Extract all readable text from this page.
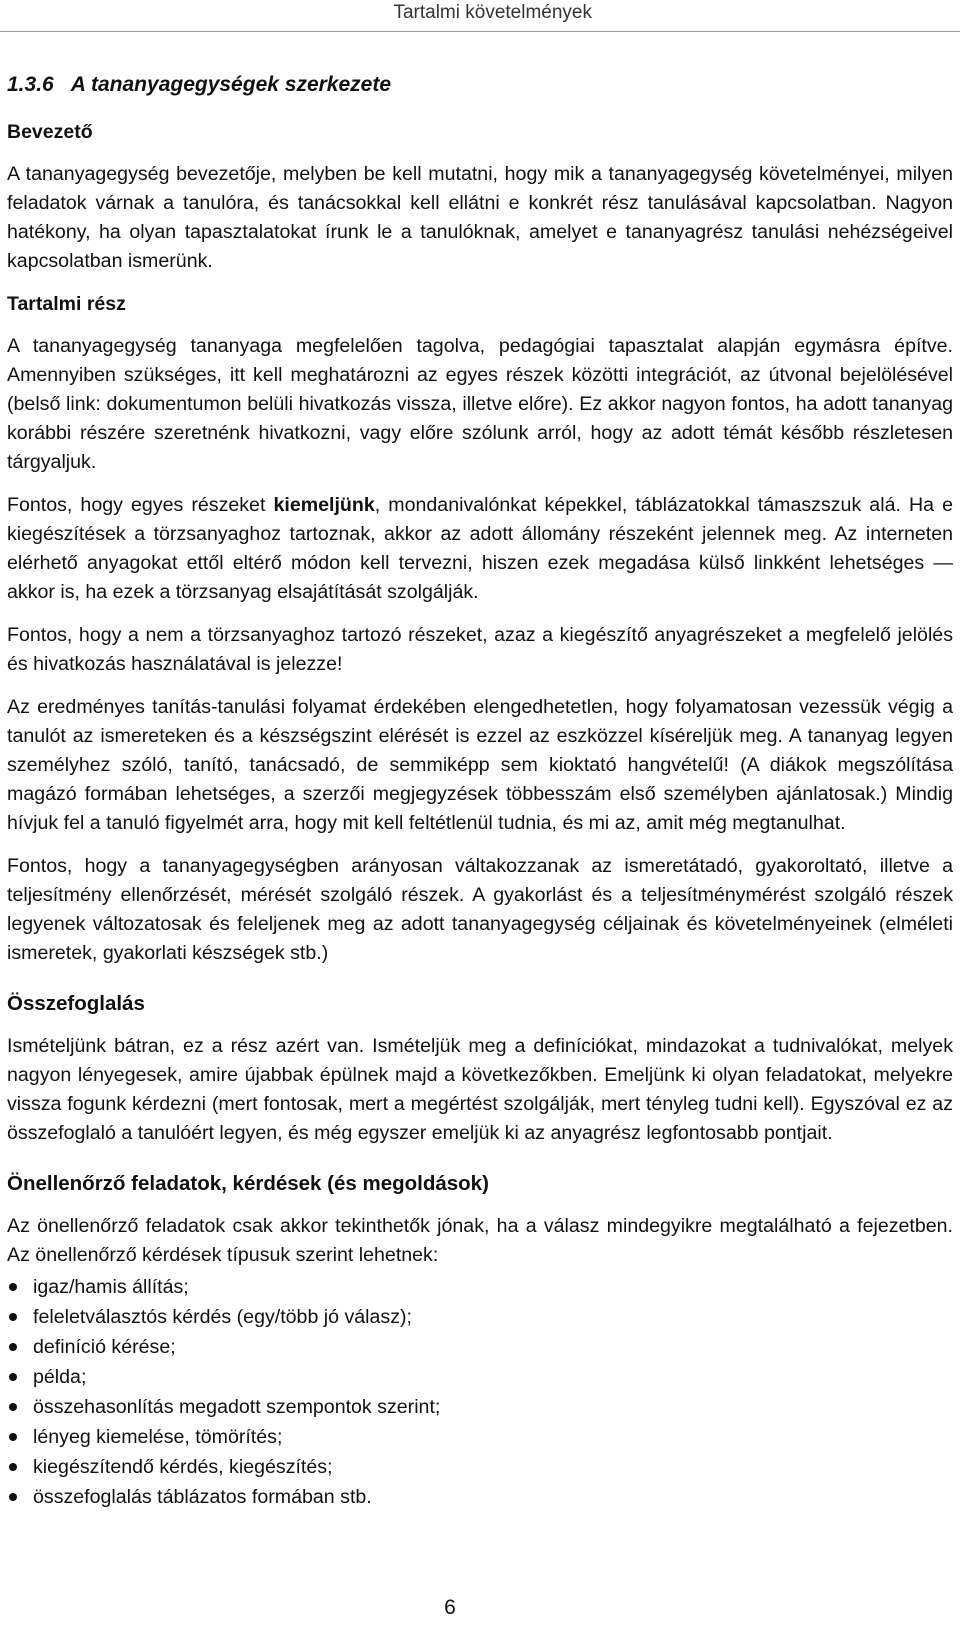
Tartalmi követelmények
1.3.6 A tananyagegységek szerkezete
Bevezető

A tananyagegység bevezetője, melyben be kell mutatni, hogy mik a tananyagegység követelményei, milyen feladatok várnak a tanulóra, és tanácsokkal kell ellátni e konkrét rész tanulásával kapcsolatban. Nagyon hatékony, ha olyan tapasztalatokat írunk le a tanulóknak, amelyet e tananyagrész tanulási nehézségeivel kapcsolatban ismerünk.

Tartalmi rész

A tananyagegység tananyaga megfelelően tagolva, pedagógiai tapasztalat alapján egymásra építve. Amennyiben szükséges, itt kell meghatározni az egyes részek közötti integrációt, az útvonal bejelölésével (belső link: dokumentumon belüli hivatkozás vissza, illetve előre). Ez akkor nagyon fontos, ha adott tananyag korábbi részére szeretnénk hivatkozni, vagy előre szólunk arról, hogy az adott témát később részletesen tárgyaljuk.

Fontos, hogy egyes részeket kiemeljünk, mondanivalónkat képekkel, táblázatokkal támaszszuk alá. Ha e kiegészítések a törzsanyaghoz tartoznak, akkor az adott állomány részeként jelennek meg. Az interneten elérhető anyagokat ettől eltérő módon kell tervezni, hiszen ezek megadása külső linkként lehetséges — akkor is, ha ezek a törzsanyag elsajátítását szolgálják.

Fontos, hogy a nem a törzsanyaghoz tartozó részeket, azaz a kiegészítő anyagrészeket a megfelelő jelölés és hivatkozás használatával is jelezze!

Az eredményes tanítás-tanulási folyamat érdekében elengedhetetlen, hogy folyamatosan vezessük végig a tanulót az ismereteken és a készségszint elérését is ezzel az eszközzel kíséreljük meg. A tananyag legyen személyhez szóló, tanító, tanácsadó, de semmiképp sem kioktató hangvételű! (A diákok megszólítása magázó formában lehetséges, a szerzői megjegyzések többesszám első személyben ajánlatosak.) Mindig hívjuk fel a tanuló figyelmét arra, hogy mit kell feltétlenül tudnia, és mi az, amit még megtanulhat.

Fontos, hogy a tananyagegységben arányosan váltakozzanak az ismeretátadó, gyakoroltató, illetve a teljesítmény ellenőrzését, mérését szolgáló részek. A gyakorlást és a teljesítménymérést szolgáló részek legyenek változatosak és feleljenek meg az adott tananyagegység céljainak és követelményeinek (elméleti ismeretek, gyakorlati készségek stb.)

Összefoglalás

Ismételjünk bátran, ez a rész azért van. Ismételjük meg a definíciókat, mindazokat a tudnivalókat, melyek nagyon lényegesek, amire újabbak épülnek majd a következőkben. Emeljünk ki olyan feladatokat, melyekre vissza fogunk kérdezni (mert fontosak, mert a megértést szolgálják, mert tényleg tudni kell). Egyszóval ez az összefoglaló a tanulóért legyen, és még egyszer emeljük ki az anyagrész legfontosabb pontjait.

Önellenőrző feladatok, kérdések (és megoldások)

Az önellenőrző feladatok csak akkor tekinthetők jónak, ha a válasz mindegyikre megtalálható a fejezetben. Az önellenőrző kérdések típusuk szerint lehetnek:

igaz/hamis állítás;
feleletválasztós kérdés (egy/több jó válasz);
definíció kérése;
példa;
összehasonlítás megadott szempontok szerint;
lényeg kiemelése, tömörítés;
kiegészítendő kérdés, kiegészítés;
összefoglalás táblázatos formában stb.
6
